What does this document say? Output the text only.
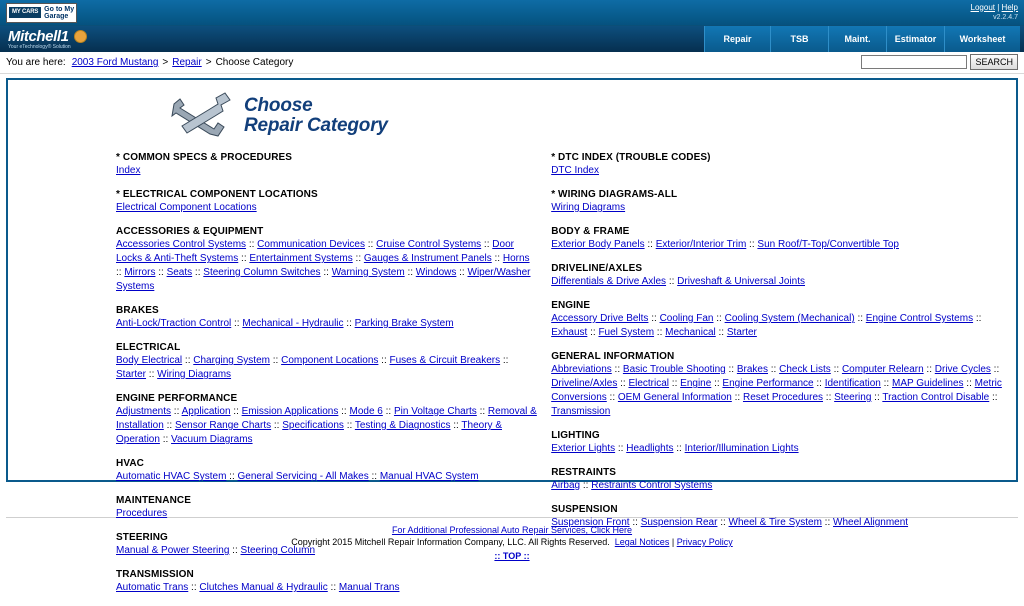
MY CARS Go to My
Garage
Logout | Help
v2.2.4.7
Mitchell1
Your eTechnology® Solution
Repair	TSB	Maint.	Estimator	Worksheet
You are here: 2003 Ford Mustang > Repair > Choose Category	SEARCH
Choose
Repair Category
* COMMON SPECS & PROCEDURES
Index
* ELECTRICAL COMPONENT LOCATIONS
Electrical Component Locations
ACCESSORIES & EQUIPMENT
Accessories Control Systems :: Communication Devices :: Cruise Control Systems :: Door Locks & Anti-Theft Systems :: Entertainment Systems :: Gauges & Instrument Panels :: Horns :: Mirrors :: Seats :: Steering Column Switches :: Warning System :: Windows :: Wiper/Washer Systems
BRAKES
Anti-Lock/Traction Control :: Mechanical - Hydraulic :: Parking Brake System
ELECTRICAL
Body Electrical :: Charging System :: Component Locations :: Fuses & Circuit Breakers :: Starter :: Wiring Diagrams
ENGINE PERFORMANCE
Adjustments :: Application :: Emission Applications :: Mode 6 :: Pin Voltage Charts :: Removal & Installation :: Sensor Range Charts :: Specifications :: Testing & Diagnostics :: Theory & Operation :: Vacuum Diagrams
HVAC
Automatic HVAC System :: General Servicing - All Makes :: Manual HVAC System
MAINTENANCE
Procedures
STEERING
Manual & Power Steering :: Steering Column
TRANSMISSION
Automatic Trans :: Clutches Manual & Hydraulic :: Manual Trans
* DTC INDEX (TROUBLE CODES)
DTC Index
* WIRING DIAGRAMS-ALL
Wiring Diagrams
BODY & FRAME
Exterior Body Panels :: Exterior/Interior Trim :: Sun Roof/T-Top/Convertible Top
DRIVELINE/AXLES
Differentials & Drive Axles :: Driveshaft & Universal Joints
ENGINE
Accessory Drive Belts :: Cooling Fan :: Cooling System (Mechanical) :: Engine Control Systems :: Exhaust :: Fuel System :: Mechanical :: Starter
GENERAL INFORMATION
Abbreviations :: Basic Trouble Shooting :: Brakes :: Check Lists :: Computer Relearn :: Drive Cycles :: Driveline/Axles :: Electrical :: Engine :: Engine Performance :: Identification :: MAP Guidelines :: Metric Conversions :: OEM General Information :: Reset Procedures :: Steering :: Traction Control Disable :: Transmission
LIGHTING
Exterior Lights :: Headlights :: Interior/Illumination Lights
RESTRAINTS
Airbag :: Restraints Control Systems
SUSPENSION
Suspension Front :: Suspension Rear :: Wheel & Tire System :: Wheel Alignment
For Additional Professional Auto Repair Services, Click Here
Copyright 2015 Mitchell Repair Information Company, LLC. All Rights Reserved. Legal Notices | Privacy Policy
:: TOP ::
